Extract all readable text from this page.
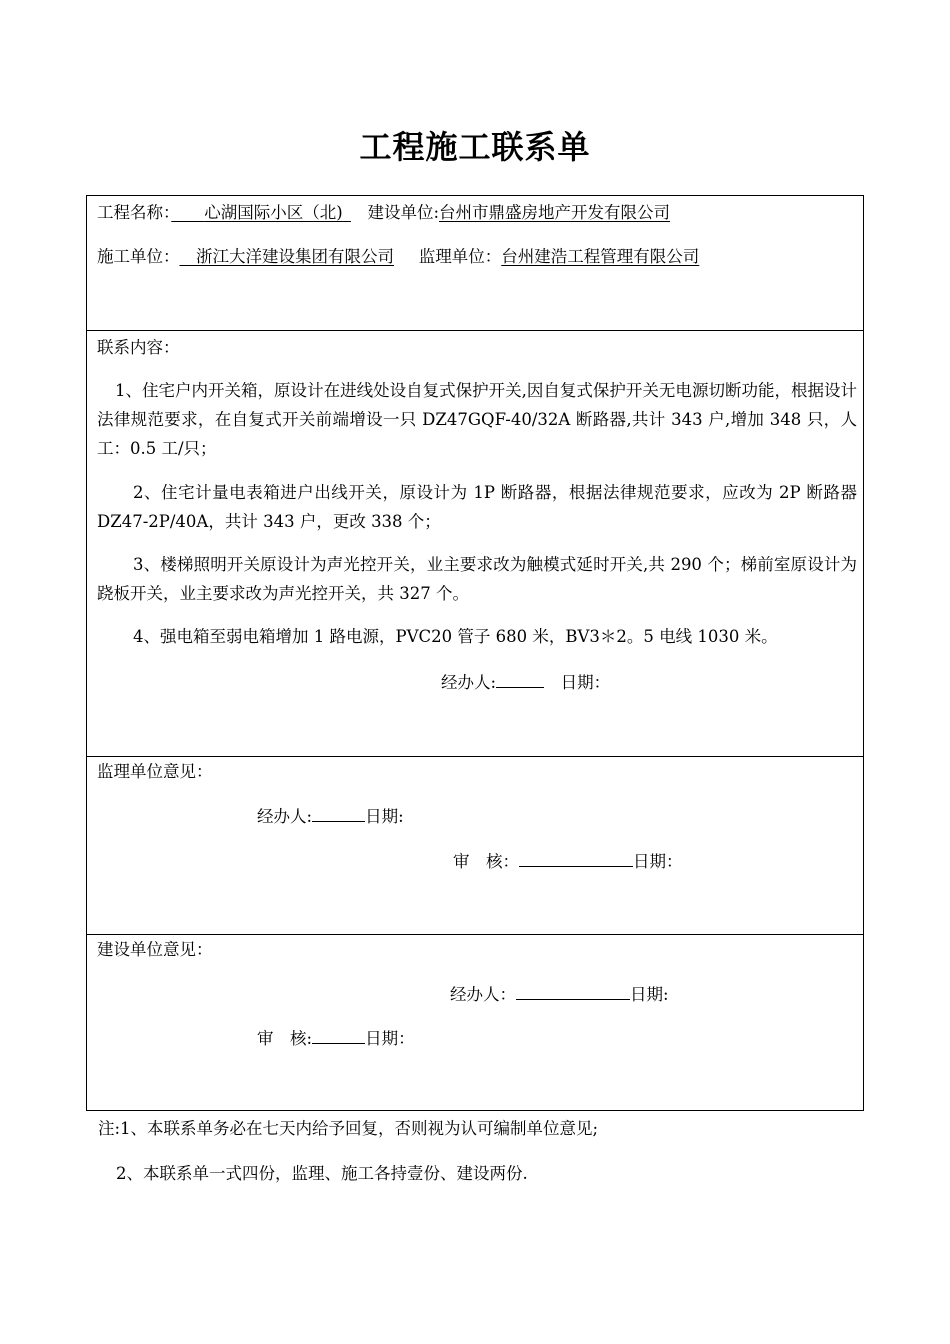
工程施工联系单
工程名称：　   心湖国际小区（北) 　 建设单位:台州市鼎盛房地产开发有限公司
施工单位：   浙江大洋建设集团有限公司    监理单位：台州建浩工程管理有限公司
联系内容：
1、住宅户内开关箱，原设计在进线处设自复式保护开关,因自复式保护开关无电源切断功能，根据设计法律规范要求，在自复式开关前端增设一只 DZ47GQF-40/32A 断路器,共计 343 户,增加 348 只，人工：0.5 工/只；
2、住宅计量电表箱进户出线开关，原设计为 1P 断路器，根据法律规范要求，应改为 2P 断路器 DZ47-2P/40A，共计 343 户，更改 338 个；
3、楼梯照明开关原设计为声光控开关，业主要求改为触模式延时开关,共 290 个；梯前室原设计为跷板开关，业主要求改为声光控开关，共 327 个。
4、强电箱至弱电箱增加 1 路电源，PVC20 管子 680 米，BV3＊2。5 电线 1030 米。
经办人:  	日期：
监理单位意见：
经办人:	日期:
审　核：	日期：
建设单位意见：
经办人：	日期:
审　核:	日期：
注:1、本联系单务必在七天内给予回复，否则视为认可编制单位意见;
2、本联系单一式四份，监理、施工各持壹份、建设两份.
